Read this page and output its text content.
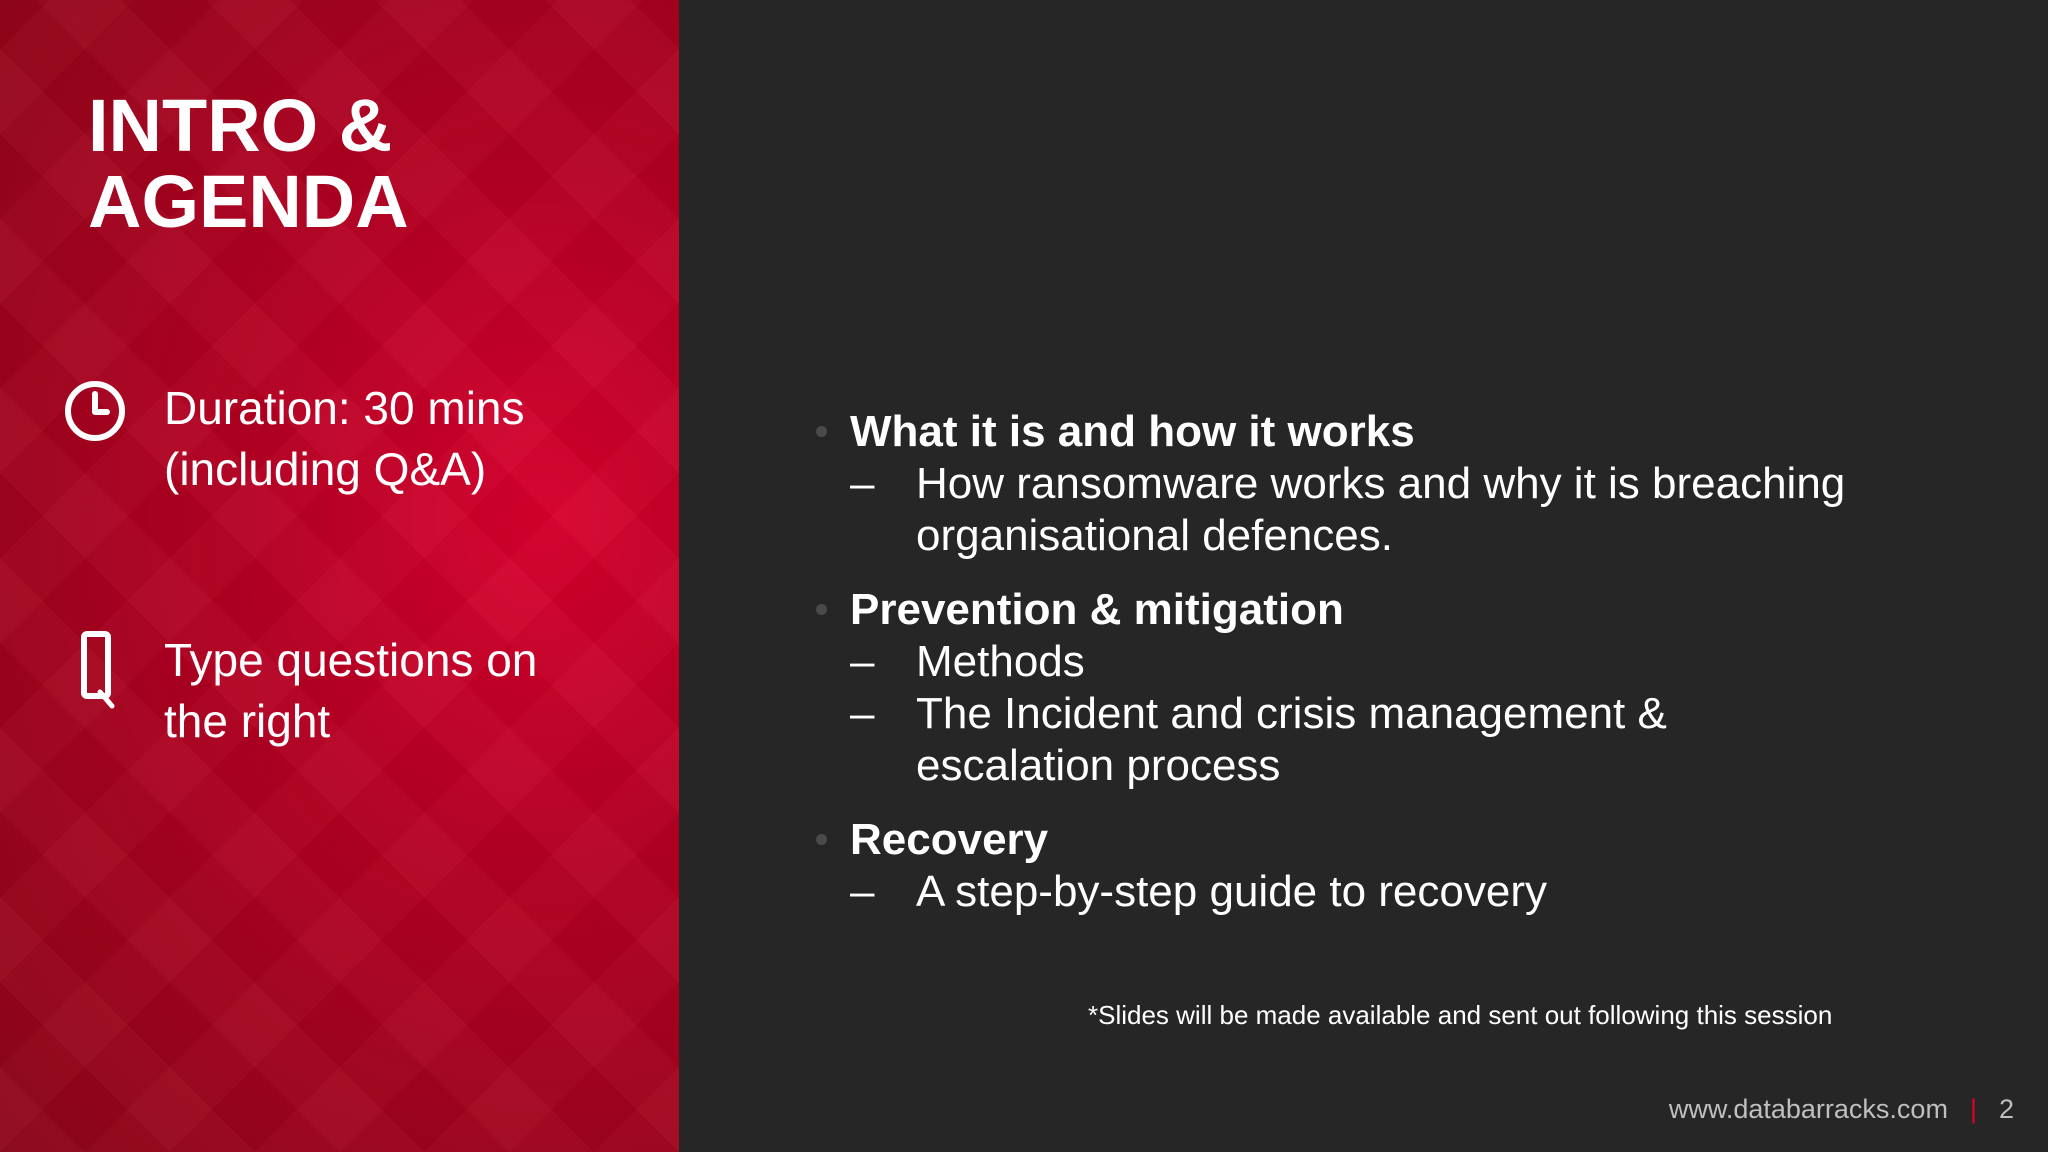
INTRO &
AGENDA
Duration: 30 mins
(including Q&A)
Type questions on
the right
What it is and how it works
– How ransomware works and why it is breaching
organisational defences.
Prevention & mitigation
– Methods
– The Incident and crisis management &
escalation process
Recovery
– A step-by-step guide to recovery
*Slides will be made available and sent out following this session
www.databarracks.com | 2
